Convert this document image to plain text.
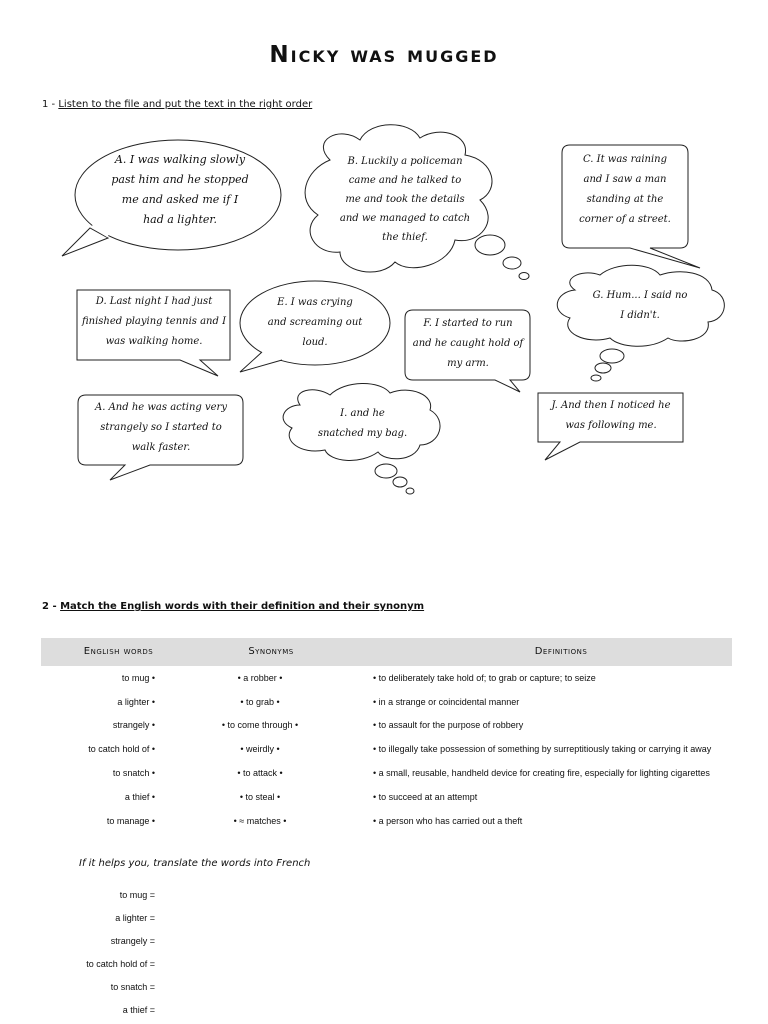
Nicky was mugged
1 - Listen to the file and put the text in the right order
A. I was walking slowly
past him and he stopped
me and asked me if I
had a lighter.
B. Luckily a policeman
came and he talked to
me and took the details
and we managed to catch
the thief.
C. It was raining
and I saw a man
standing at the
corner of a street.
D. Last night I had just
finished playing tennis and I
was walking home.
E. I was crying
and screaming out
loud.
F. I started to run
and he caught hold of
my arm.
G. Hum... I said no
I didn't.
A. And he was acting very
strangely so I started to
walk faster.
I. and he
snatched my bag.
J. And then I noticed he
was following me.
2 - Match the English words with their definition and their synonym
English words	Synonyms	Definitions
to mug •	• a robber •	• to deliberately take hold of; to grab or capture; to seize
a lighter •	• to grab •	• in a strange or coincidental manner
strangely •	• to come through •	• to assault for the purpose of robbery
to catch hold of •	• weirdly •	• to illegally take possession of something by surreptitiously taking or carrying it away
to snatch •	• to attack •	• a small, reusable, handheld device for creating fire, especially for lighting cigarettes
a thief •	• to steal •	• to succeed at an attempt
to manage •	• ≈ matches •	• a person who has carried out a theft
If it helps you, translate the words into French
to mug =
a lighter =
strangely =
to catch hold of =
to snatch =
a thief =
